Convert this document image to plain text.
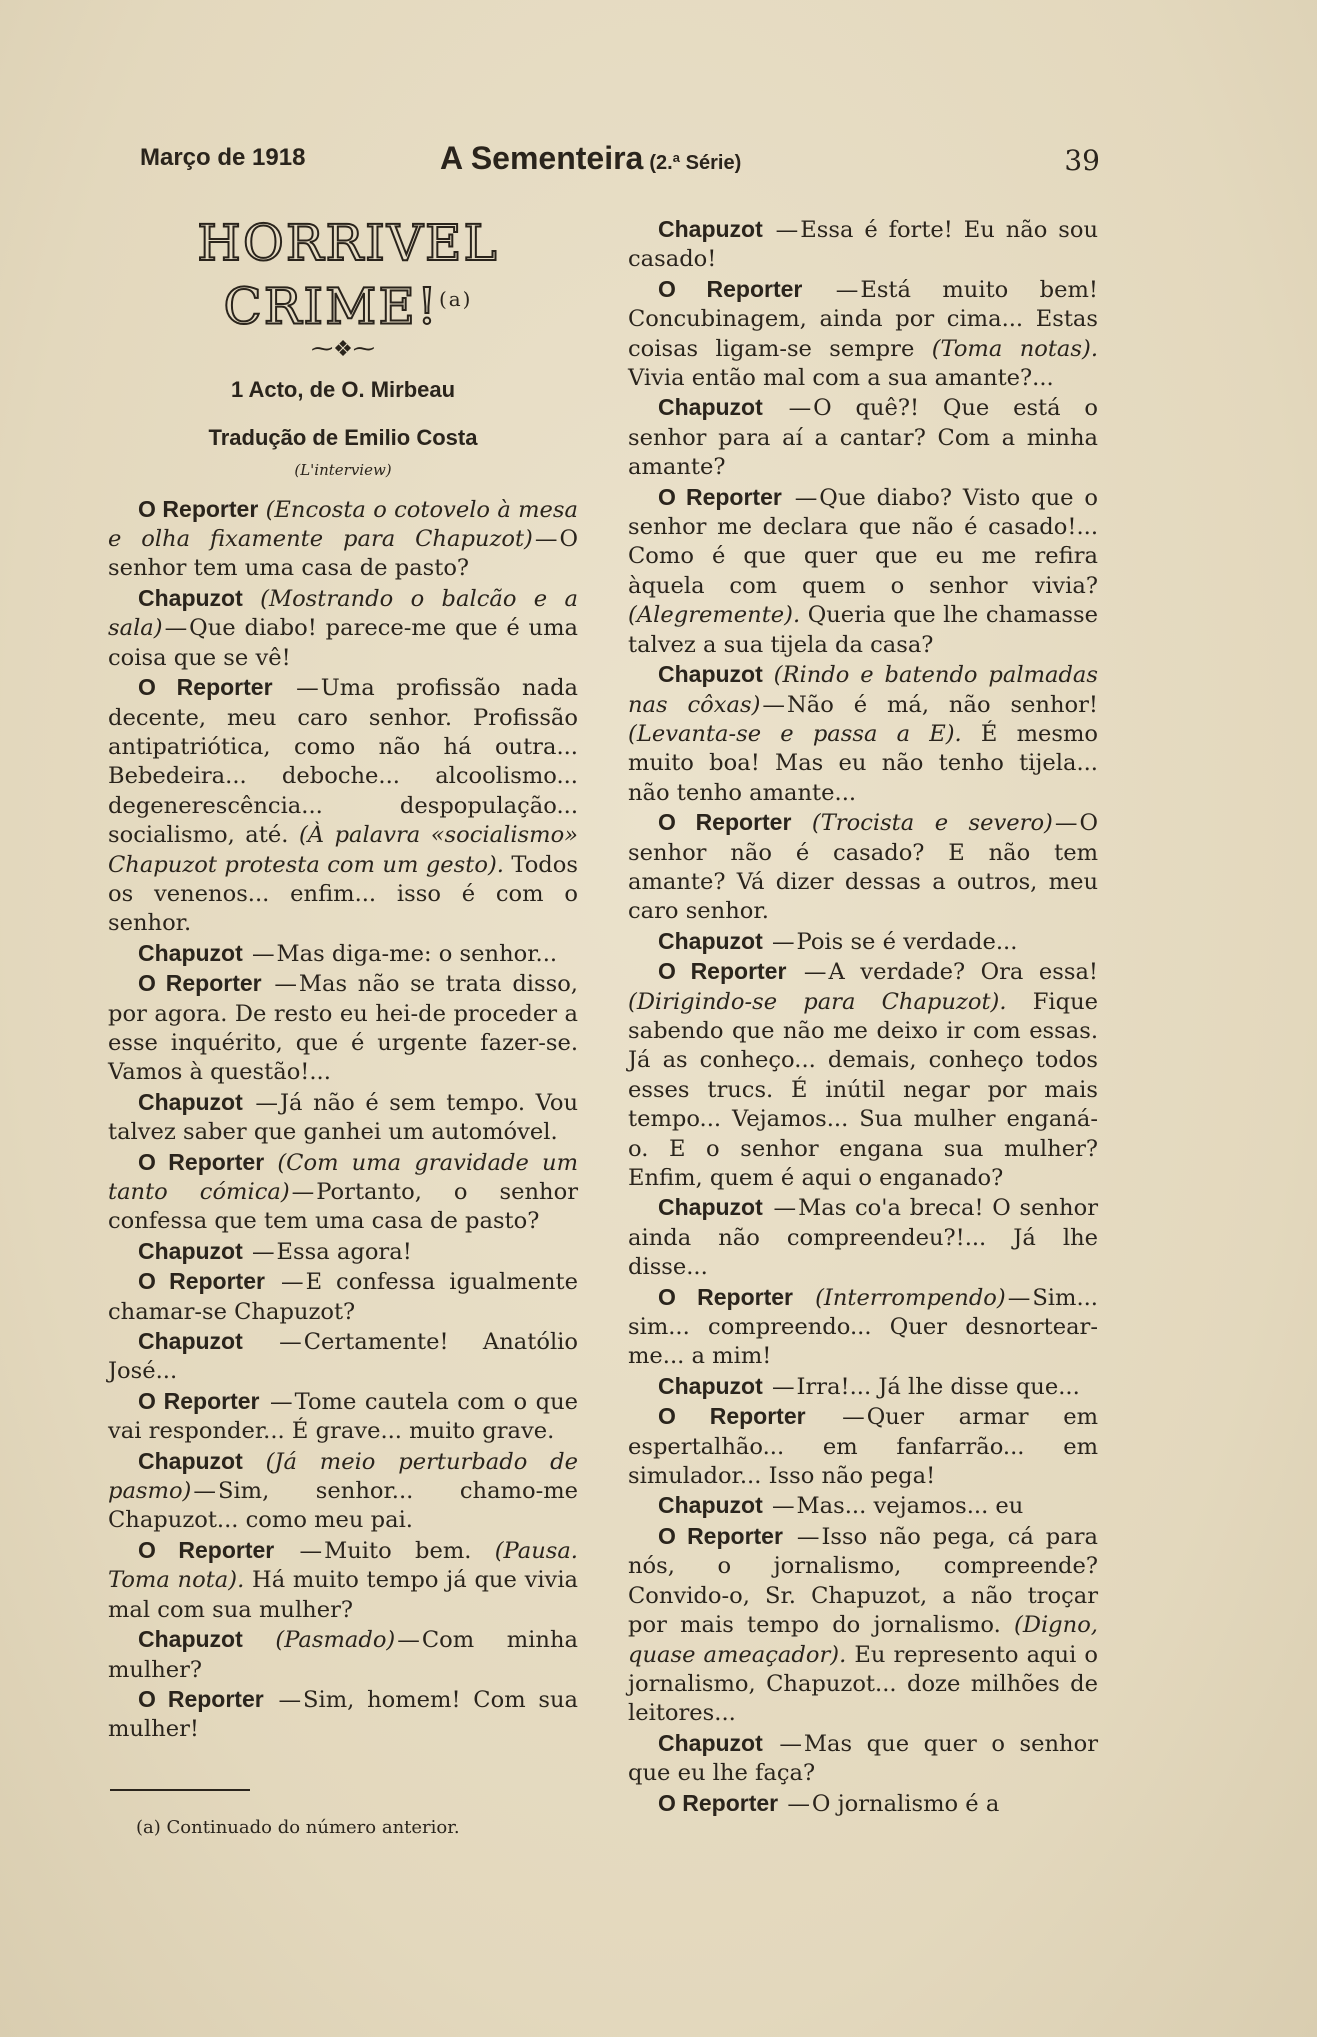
Março de 1918	A Sementeira (2.ª Série)	39
HORRIVEL CRIME!$^{(a)}$
⁓❖⁓
1 Acto, de O. Mirbeau
Tradução de Emilio Costa
(L'interview)

O Reporter (Encosta o cotovelo à mesa e olha fixamente para Chapuzot)—O senhor tem uma casa de pasto?

Chapuzot (Mostrando o balcão e a sala)—Que diabo! parece-me que é uma coisa que se vê!

O Reporter —Uma profissão nada decente, meu caro senhor. Profissão antipatriótica, como não há outra... Bebedeira... deboche... alcoolismo... degenerescência... despopulação... socialismo, até. (À palavra «socialismo» Chapuzot protesta com um gesto). Todos os venenos... enfim... isso é com o senhor.

Chapuzot —Mas diga-me: o senhor...

O Reporter —Mas não se trata disso, por agora. De resto eu hei-de proceder a esse inquérito, que é urgente fazer-se. Vamos à questão!...

Chapuzot —Já não é sem tempo. Vou talvez saber que ganhei um automóvel.

O Reporter (Com uma gravidade um tanto cómica)—Portanto, o senhor confessa que tem uma casa de pasto?

Chapuzot —Essa agora!

O Reporter —E confessa igualmente chamar-se Chapuzot?

Chapuzot —Certamente! Anatólio José...

O Reporter —Tome cautela com o que vai responder... É grave... muito grave.

Chapuzot (Já meio perturbado de pasmo)—Sim, senhor... chamo-me Chapuzot... como meu pai.

O Reporter —Muito bem. (Pausa. Toma nota). Há muito tempo já que vivia mal com sua mulher?

Chapuzot (Pasmado)—Com minha mulher?

O Reporter —Sim, homem! Com sua mulher!

(a) Continuado do número anterior.

Chapuzot —Essa é forte! Eu não sou casado!

O Reporter —Está muito bem! Concubinagem, ainda por cima... Estas coisas ligam-se sempre (Toma notas). Vivia então mal com a sua amante?...

Chapuzot —O quê?! Que está o senhor para aí a cantar? Com a minha amante?

O Reporter —Que diabo? Visto que o senhor me declara que não é casado!... Como é que quer que eu me refira àquela com quem o senhor vivia? (Alegremente). Queria que lhe chamasse talvez a sua tijela da casa?

Chapuzot (Rindo e batendo palmadas nas côxas)—Não é má, não senhor! (Levanta-se e passa a E). É mesmo muito boa! Mas eu não tenho tijela... não tenho amante...

O Reporter (Trocista e severo)—O senhor não é casado? E não tem amante? Vá dizer dessas a outros, meu caro senhor.

Chapuzot —Pois se é verdade...

O Reporter —A verdade? Ora essa! (Dirigindo-se para Chapuzot). Fique sabendo que não me deixo ir com essas. Já as conheço... demais, conheço todos esses trucs. É inútil negar por mais tempo... Vejamos... Sua mulher enganá-o. E o senhor engana sua mulher? Enfim, quem é aqui o enganado?

Chapuzot —Mas co'a breca! O senhor ainda não compreendeu?!... Já lhe disse...

O Reporter (Interrompendo)—Sim... sim... compreendo... Quer desnortear-me... a mim!

Chapuzot —Irra!... Já lhe disse que...

O Reporter —Quer armar em espertalhão... em fanfarrão... em simulador... Isso não pega!

Chapuzot —Mas... vejamos... eu

O Reporter —Isso não pega, cá para nós, o jornalismo, compreende? Convido-o, Sr. Chapuzot, a não troçar por mais tempo do jornalismo. (Digno, quase ameaçador). Eu represento aqui o jornalismo, Chapuzot... doze milhões de leitores...

Chapuzot —Mas que quer o senhor que eu lhe faça?

O Reporter —O jornalismo é a
